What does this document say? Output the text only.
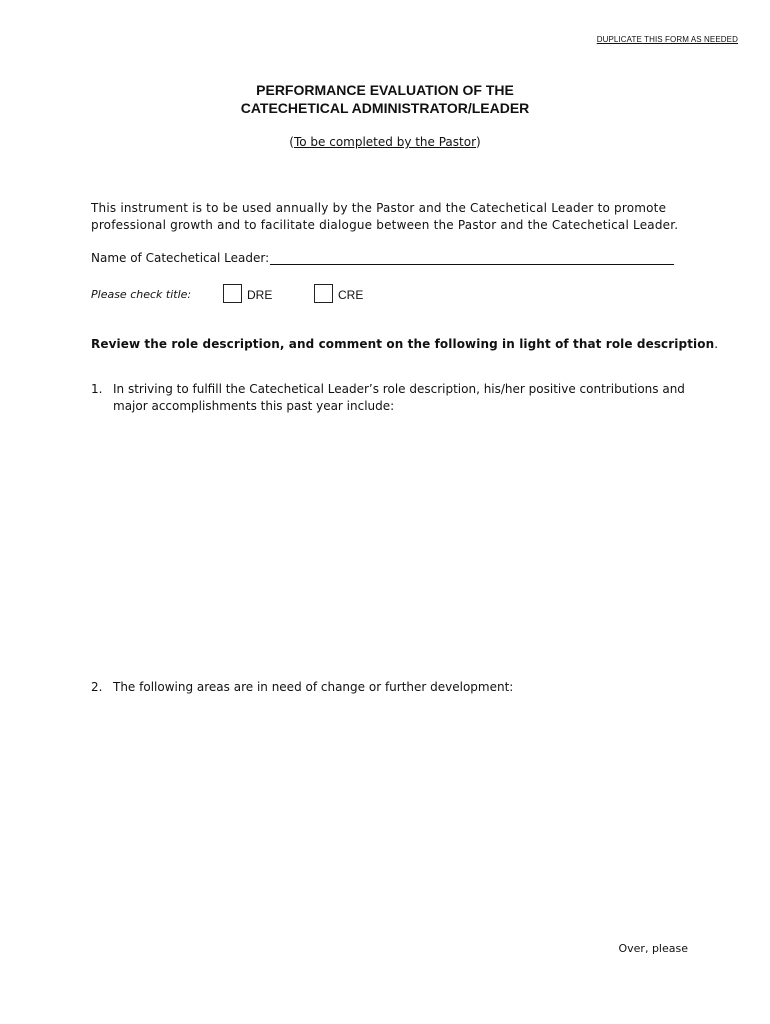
DUPLICATE THIS FORM AS NEEDED
PERFORMANCE EVALUATION OF THE
CATECHETICAL ADMINISTRATOR/LEADER
(To be completed by the Pastor)
This instrument is to be used annually by the Pastor and the Catechetical Leader to promote professional growth and to facilitate dialogue between the Pastor and the Catechetical Leader.
Name of Catechetical Leader:
Please check title:	DRE	CRE
Review the role description, and comment on the following in light of that role description.
1. In striving to fulfill the Catechetical Leader’s role description, his/her positive contributions and major accomplishments this past year include:
2. The following areas are in need of change or further development:
Over, please
